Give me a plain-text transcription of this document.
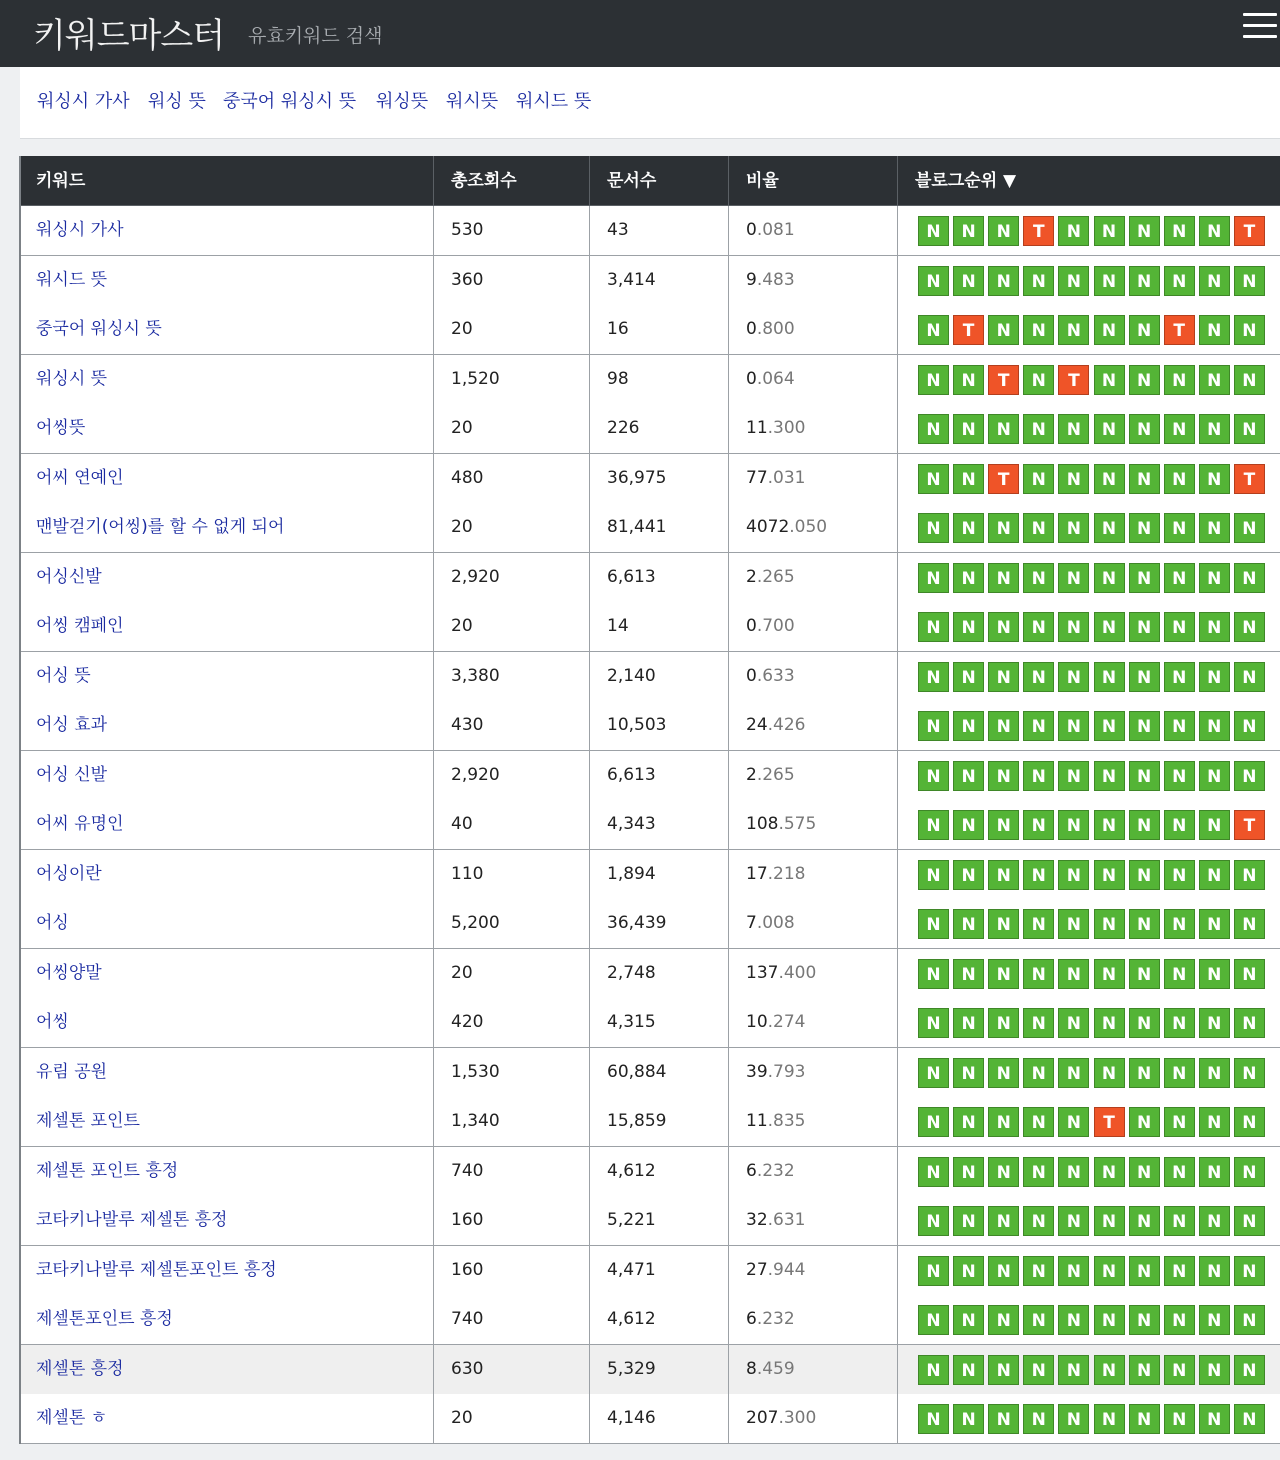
키워드마스터 유효키워드 검색
워싱시 가사 워싱 뜻 중국어 워싱시 뜻 워싱뜻 워시뜻 워시드 뜻
키워드	총조회수	문서수	비율	블로그순위 ▼
워싱시 가사	530	43	0.081	N	N	N	T	N	N	N	N	N	T
워시드 뜻	360	3,414	9.483	N	N	N	N	N	N	N	N	N	N
중국어 워싱시 뜻	20	16	0.800	N	T	N	N	N	N	N	T	N	N
워싱시 뜻	1,520	98	0.064	N	N	T	N	T	N	N	N	N	N
어씽뜻	20	226	11.300	N	N	N	N	N	N	N	N	N	N
어씨 연예인	480	36,975	77.031	N	N	T	N	N	N	N	N	N	T
맨발걷기(어씽)를 할 수 없게 되어	20	81,441	4072.050	N	N	N	N	N	N	N	N	N	N
어싱신발	2,920	6,613	2.265	N	N	N	N	N	N	N	N	N	N
어씽 캠페인	20	14	0.700	N	N	N	N	N	N	N	N	N	N
어싱 뜻	3,380	2,140	0.633	N	N	N	N	N	N	N	N	N	N
어싱 효과	430	10,503	24.426	N	N	N	N	N	N	N	N	N	N
어싱 신발	2,920	6,613	2.265	N	N	N	N	N	N	N	N	N	N
어씨 유명인	40	4,343	108.575	N	N	N	N	N	N	N	N	N	T
어싱이란	110	1,894	17.218	N	N	N	N	N	N	N	N	N	N
어싱	5,200	36,439	7.008	N	N	N	N	N	N	N	N	N	N
어씽양말	20	2,748	137.400	N	N	N	N	N	N	N	N	N	N
어씽	420	4,315	10.274	N	N	N	N	N	N	N	N	N	N
유림 공원	1,530	60,884	39.793	N	N	N	N	N	N	N	N	N	N
제셀톤 포인트	1,340	15,859	11.835	N	N	N	N	N	T	N	N	N	N
제셀톤 포인트 흥정	740	4,612	6.232	N	N	N	N	N	N	N	N	N	N
코타키나발루 제셀톤 흥정	160	5,221	32.631	N	N	N	N	N	N	N	N	N	N
코타키나발루 제셀톤포인트 흥정	160	4,471	27.944	N	N	N	N	N	N	N	N	N	N
제셀톤포인트 흥정	740	4,612	6.232	N	N	N	N	N	N	N	N	N	N
제셀톤 흥정	630	5,329	8.459	N	N	N	N	N	N	N	N	N	N
제셀톤 ㅎ	20	4,146	207.300	N	N	N	N	N	N	N	N	N	N
